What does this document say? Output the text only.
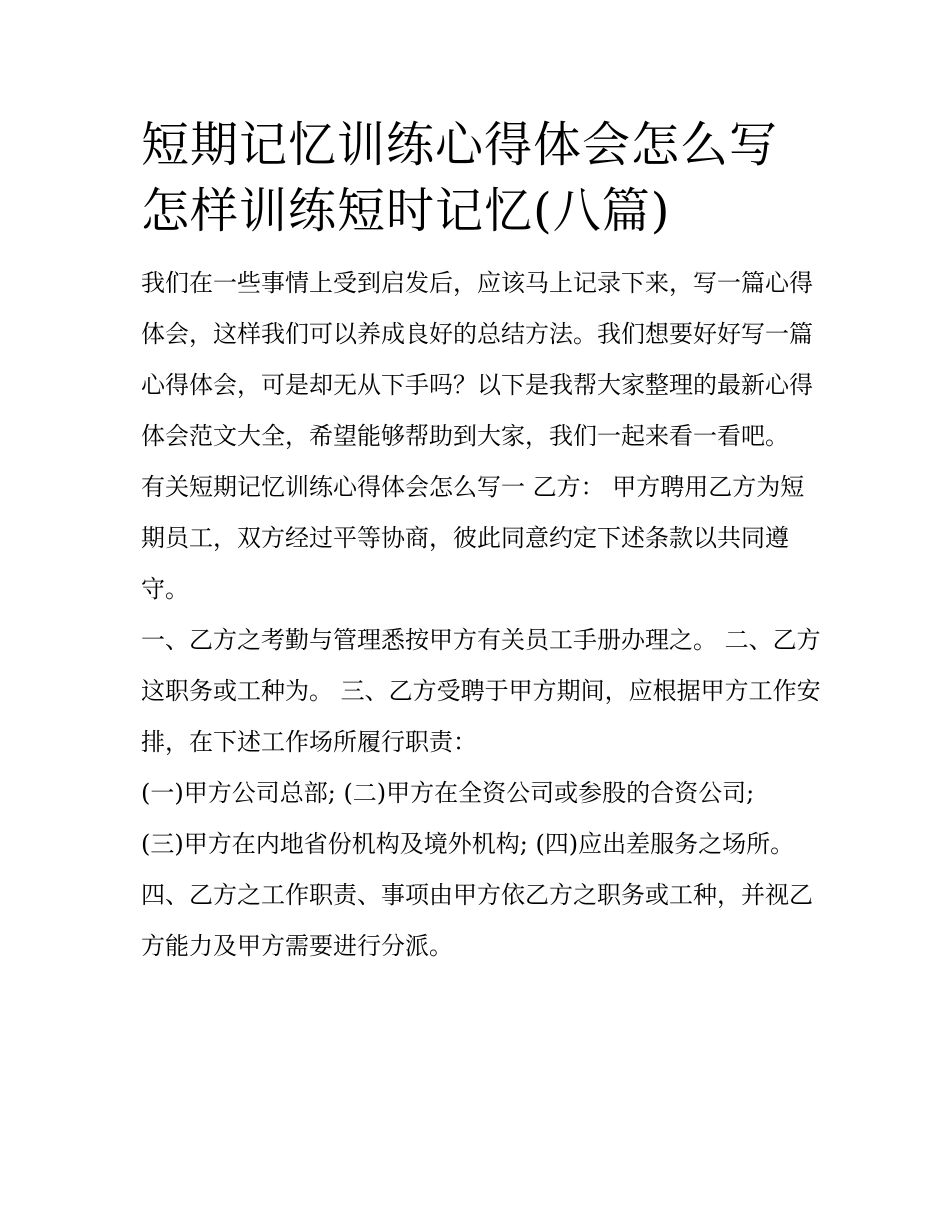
短期记忆训练心得体会怎么写
怎样训练短时记忆(八篇)

我们在一些事情上受到启发后，应该马上记录下来，写一篇心得体会，这样我们可以养成良好的总结方法。我们想要好好写一篇心得体会，可是却无从下手吗？以下是我帮大家整理的最新心得体会范文大全，希望能够帮助到大家，我们一起来看一看吧。

有关短期记忆训练心得体会怎么写一 乙方： 甲方聘用乙方为短期员工，双方经过平等协商，彼此同意约定下述条款以共同遵守。

一、乙方之考勤与管理悉按甲方有关员工手册办理之。 二、乙方这职务或工种为。 三、乙方受聘于甲方期间，应根据甲方工作安排，在下述工作场所履行职责：

(一)甲方公司总部; (二)甲方在全资公司或参股的合资公司;

(三)甲方在内地省份机构及境外机构; (四)应出差服务之场所。

四、乙方之工作职责、事项由甲方依乙方之职务或工种，并视乙方能力及甲方需要进行分派。
